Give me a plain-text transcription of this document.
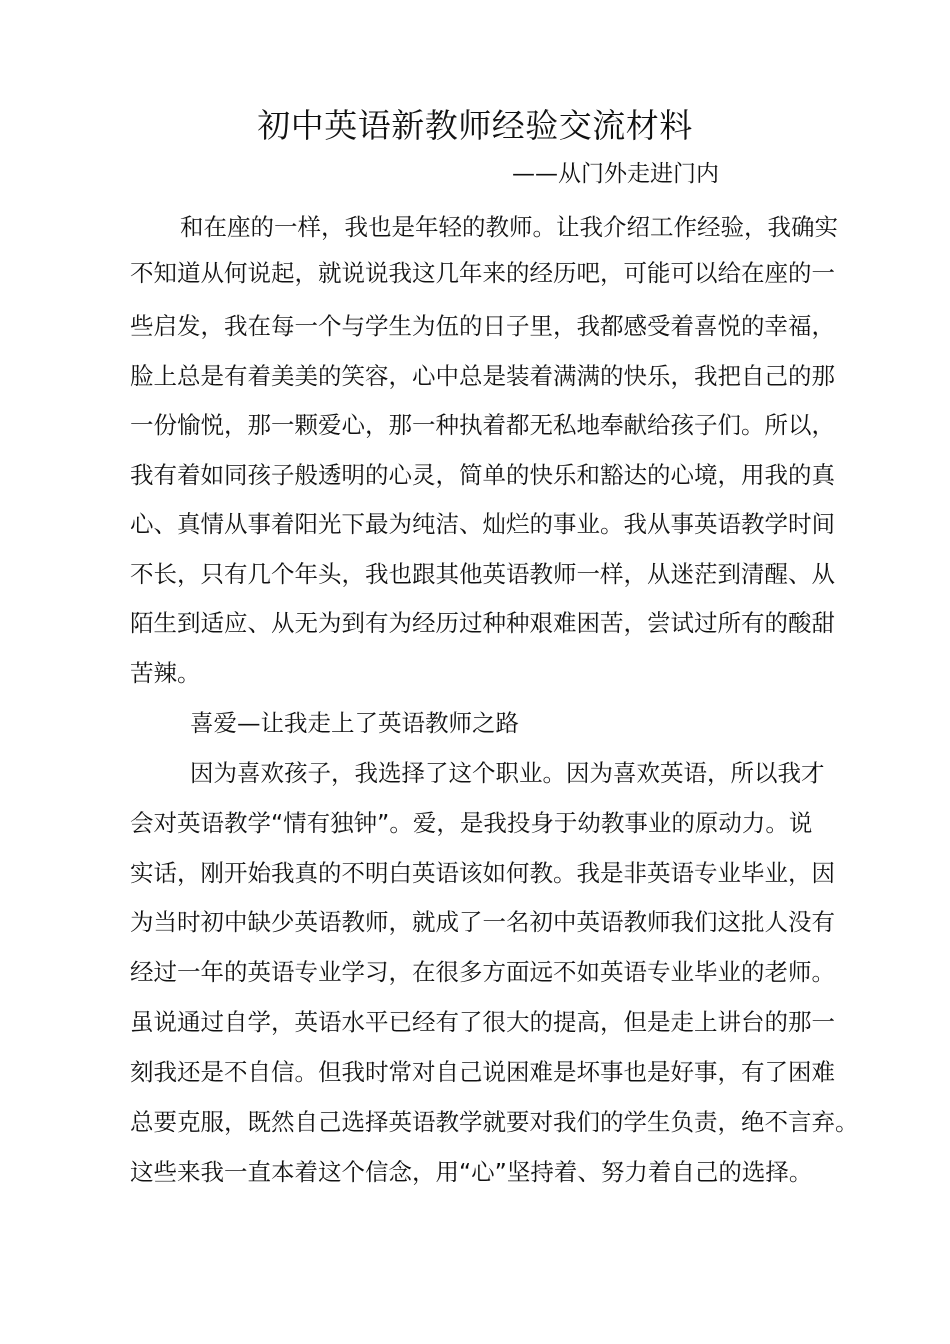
初中英语新教师经验交流材料
——从门外走进门内
和在座的一样，我也是年轻的教师。让我介绍工作经验，我确实
不知道从何说起，就说说我这几年来的经历吧，可能可以给在座的一
些启发，我在每一个与学生为伍的日子里，我都感受着喜悦的幸福，
脸上总是有着美美的笑容，心中总是装着满满的快乐，我把自己的那
一份愉悦，那一颗爱心，那一种执着都无私地奉献给孩子们。所以，
我有着如同孩子般透明的心灵，简单的快乐和豁达的心境，用我的真
心、真情从事着阳光下最为纯洁、灿烂的事业。我从事英语教学时间
不长，只有几个年头，我也跟其他英语教师一样，从迷茫到清醒、从
陌生到适应、从无为到有为经历过种种艰难困苦，尝试过所有的酸甜
苦辣。
喜爱—让我走上了英语教师之路
因为喜欢孩子，我选择了这个职业。因为喜欢英语，所以我才
会对英语教学“情有独钟”。爱，是我投身于幼教事业的原动力。说
实话，刚开始我真的不明白英语该如何教。我是非英语专业毕业，因
为当时初中缺少英语教师，就成了一名初中英语教师我们这批人没有
经过一年的英语专业学习，在很多方面远不如英语专业毕业的老师。
虽说通过自学，英语水平已经有了很大的提高，但是走上讲台的那一
刻我还是不自信。但我时常对自己说困难是坏事也是好事，有了困难
总要克服，既然自己选择英语教学就要对我们的学生负责，绝不言弃。
这些来我一直本着这个信念，用“心”坚持着、努力着自己的选择。
